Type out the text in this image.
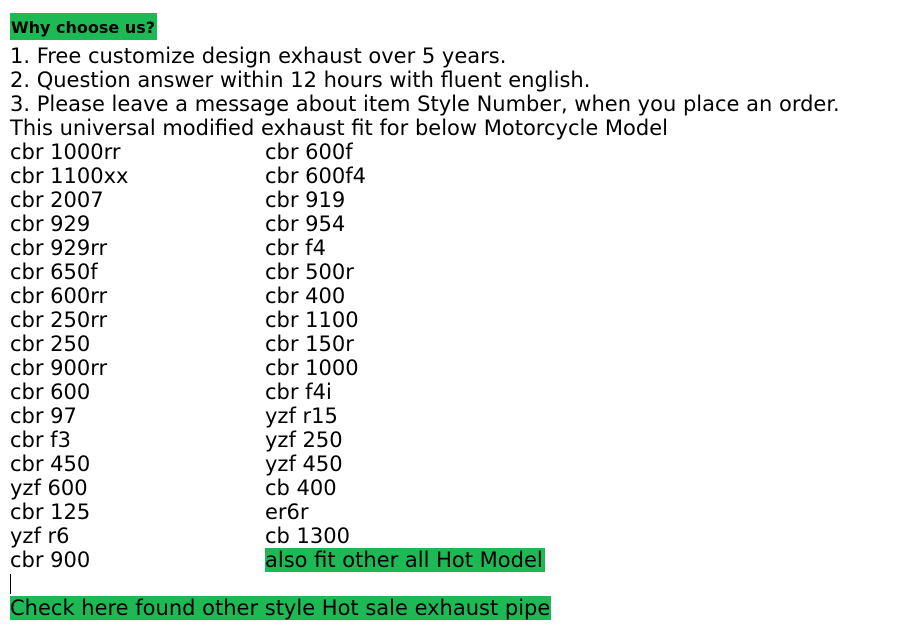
Why choose us?
1. Free customize design exhaust over 5 years.
2. Question answer within 12 hours with fluent english.
3. Please leave a message about item Style Number, when you place an order.
This universal modified exhaust fit for below Motorcycle Model
cbr 1000rr	cbr 600f
cbr 1100xx	cbr 600f4
cbr 2007	cbr 919
cbr 929	cbr 954
cbr 929rr	cbr f4
cbr 650f	cbr 500r
cbr 600rr	cbr 400
cbr 250rr	cbr 1100
cbr 250	cbr 150r
cbr 900rr	cbr 1000
cbr 600	cbr f4i
cbr 97	yzf r15
cbr f3	yzf 250
cbr 450	yzf 450
yzf 600	cb 400
cbr 125	er6r
yzf r6	cb 1300
cbr 900	also fit other all Hot Model
Check here found other style Hot sale exhaust pipe
